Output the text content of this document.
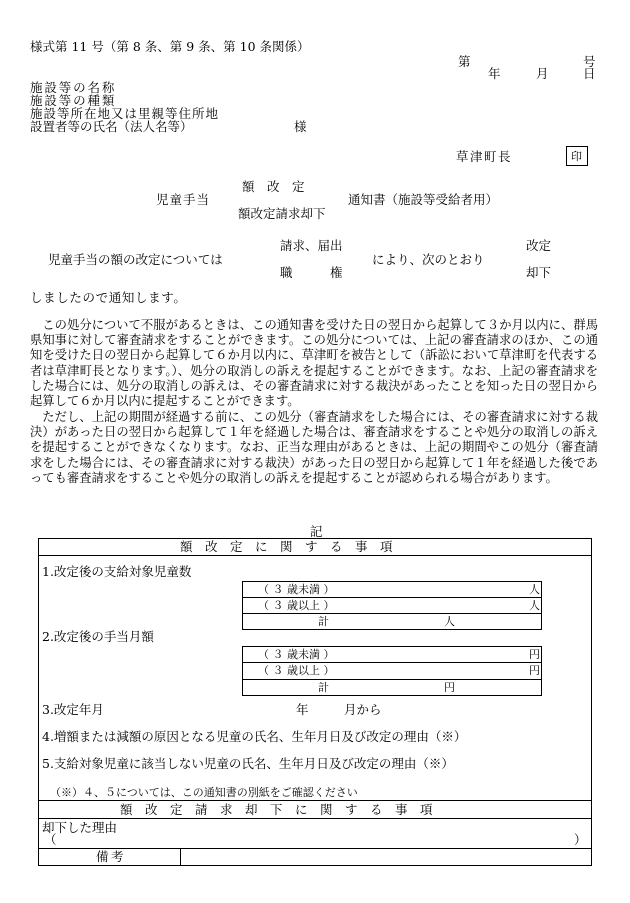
様式第 11 号（第 8 条、第 9 条、第 10 条関係）
第	号
年	月	日
施設等の名称
施設等の種類
施設等所在地又は里親等住所地
設置者等の氏名（法人名等）	様
草津町長	印
額　改　定
児童手当	通知書（施設等受給者用）
額改定請求却下
請求、届出	改定
児童手当の額の改定については	により、次のとおり
職　　　権	却下
しましたので通知します。
この処分について不服があるときは、この通知書を受けた日の翌日から起算して３か月以内に、群馬県知事に対して審査請求をすることができます。この処分については、上記の審査請求のほか、この通知を受けた日の翌日から起算して６か月以内に、草津町を被告として（訴訟において草津町を代表する者は草津町長となります。）、処分の取消しの訴えを提起することができます。なお、上記の審査請求をした場合には、処分の取消しの訴えは、その審査請求に対する裁決があったことを知った日の翌日から起算して６か月以内に提起することができます。
ただし、上記の期間が経過する前に、この処分（審査請求をした場合には、その審査請求に対する裁決）があった日の翌日から起算して１年を経過した場合は、審査請求をすることや処分の取消しの訴えを提起することができなくなります。なお、正当な理由があるときは、上記の期間やこの処分（審査請求をした場合には、その審査請求に対する裁決）があった日の翌日から起算して１年を経過した後であっても審査請求をすることや処分の取消しの訴えを提起することが認められる場合があります。
記
額　改　定　に　関　す　る　事　項
1.改定後の支給対象児童数
（ ３ 歳未満 ）	人
（ ３ 歳以上 ）	人
計	人
2.改定後の手当月額
（ ３ 歳未満 ）	円
（ ３ 歳以上 ）	円
計	円
3.改定年月	年	月から
4.増額または減額の原因となる児童の氏名、生年月日及び改定の理由（※）
5.支給対象児童に該当しない児童の氏名、生年月日及び改定の理由（※）
（※）４、５については、この通知書の別紙をご確認ください
額　改　定　請　求　却　下　に　関　す　る　事　項
却下した理由
（	）
備考
